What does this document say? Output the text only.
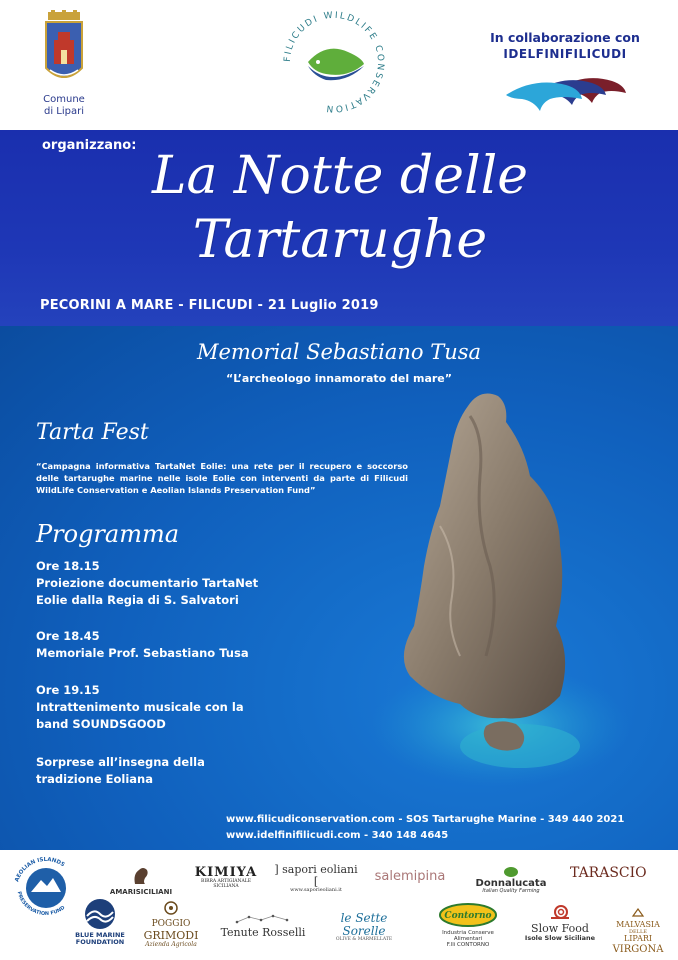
Comune
di Lipari
FILICUDI WILDLIFE CONSERVATION
In collaborazione con
IDELFINIFILICUDI
organizzano:
La Notte delle
Tartarughe
PECORINI A MARE - FILICUDI - 21 Luglio 2019
Memorial Sebastiano Tusa
“L’archeologo innamorato del mare”
Tarta Fest
“Campagna informativa TartaNet Eolie: una rete per il recupero e soccorso delle tartarughe marine nelle isole Eolie con interventi da parte di Filicudi WildLife Conservation e Aeolian Islands Preservation Fund”
Programma
Ore 18.15
Proiezione documentario TartaNet
Eolie dalla Regia di S. Salvatori
Ore 18.45
Memoriale Prof. Sebastiano Tusa
Ore 19.15
Intrattenimento musicale con la
band SOUNDSGOOD
Sorprese all’insegna della
tradizione Eoliana
www.filicudiconservation.com - SOS Tartarughe Marine - 349 440 2021
www.idelfinifilicudi.com - 340 148 4645
AEOLIAN ISLANDS
PRESERVATION FUND
BLUE MARINE
FOUNDATION
AMARISICILIANI
KIMIYA
BIRRA ARTIGIANALE SICILIANA
] sapori eoliani [
www.saporieoliani.it
salemipina	Donnalucata
Italian Quality Farming
TARASCIO
POGGIO
GRIMODI
Azienda Agricola
Tenute Rosselli
le Sette Sorelle
OLIVE & MARMELLATE
Contorno
Industria Conserve Alimentari
F.lli CONTORNO
Slow Food
Isole Slow Siciliane
MALVASIA
DELLE
LIPARI
VIRGONA
